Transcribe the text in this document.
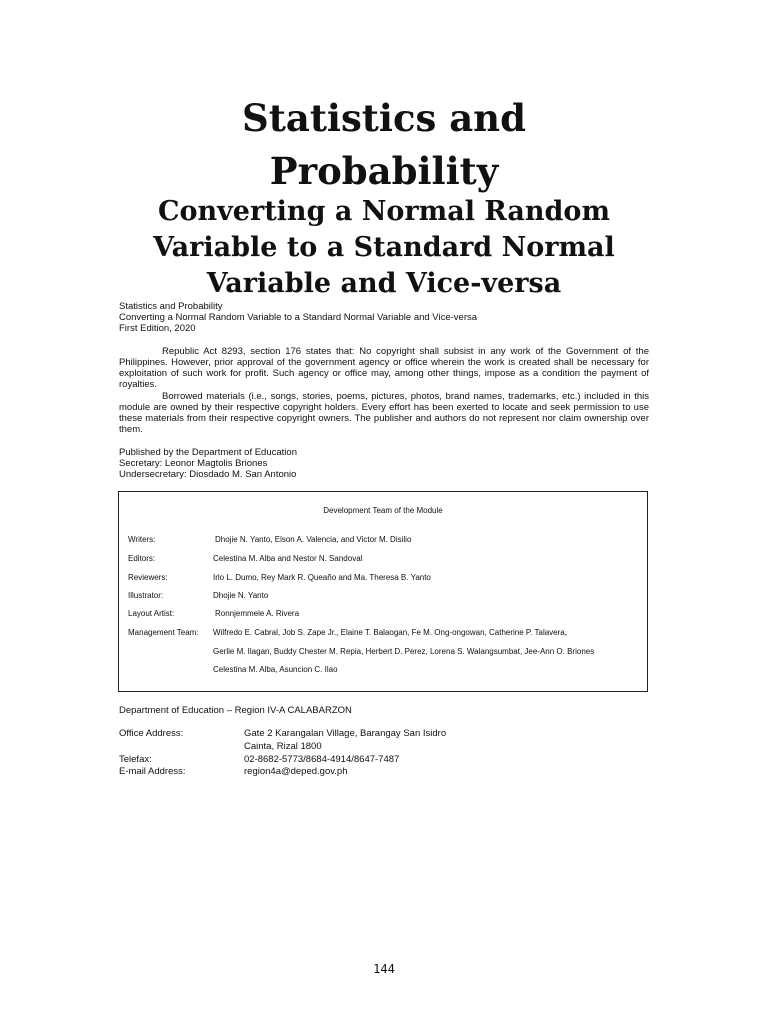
Statistics and Probability
Converting a Normal Random Variable to a Standard Normal Variable and Vice-versa
Statistics and Probability
Converting a Normal Random Variable to a Standard Normal Variable and Vice-versa
First Edition, 2020
Republic Act 8293, section 176 states that: No copyright shall subsist in any work of the Government of the Philippines. However, prior approval of the government agency or office wherein the work is created shall be necessary for exploitation of such work for profit. Such agency or office may, among other things, impose as a condition the payment of royalties.
Borrowed materials (i.e., songs, stories, poems, pictures, photos, brand names, trademarks, etc.) included in this module are owned by their respective copyright holders. Every effort has been exerted to locate and seek permission to use these materials from their respective copyright owners. The publisher and authors do not represent nor claim ownership over them.
Published by the Department of Education
Secretary: Leonor Magtolis Briones
Undersecretary: Diosdado M. San Antonio
Development Team of the Module
Writers:	Dhojie N. Yanto, Elson A. Valencia, and Victor M. Disilio
Editors:	Celestina M. Alba and Nestor N. Sandoval
Reviewers:	Irlo L. Dumo, Rey Mark R. Queaño and Ma. Theresa B. Yanto
Illustrator:	Dhojie N. Yanto
Layout Artist:	Ronnjemmele A. Rivera
Management Team:	Wilfredo E. Cabral, Job S. Zape Jr., Elaine T. Balaogan, Fe M. Ong-ongowan, Catherine P. Talavera,
Gerlie M. Ilagan, Buddy Chester M. Repia, Herbert D. Perez, Lorena S. Walangsumbat, Jee-Ann O. Briones
Celestina M. Alba, Asuncion C. Ilao
Department of Education – Region IV-A CALABARZON
Office Address:	Gate 2 Karangalan Village, Barangay San Isidro
Cainta, Rizal 1800
Telefax:	02-8682-5773/8684-4914/8647-7487
E-mail Address:	region4a@deped.gov.ph
144
